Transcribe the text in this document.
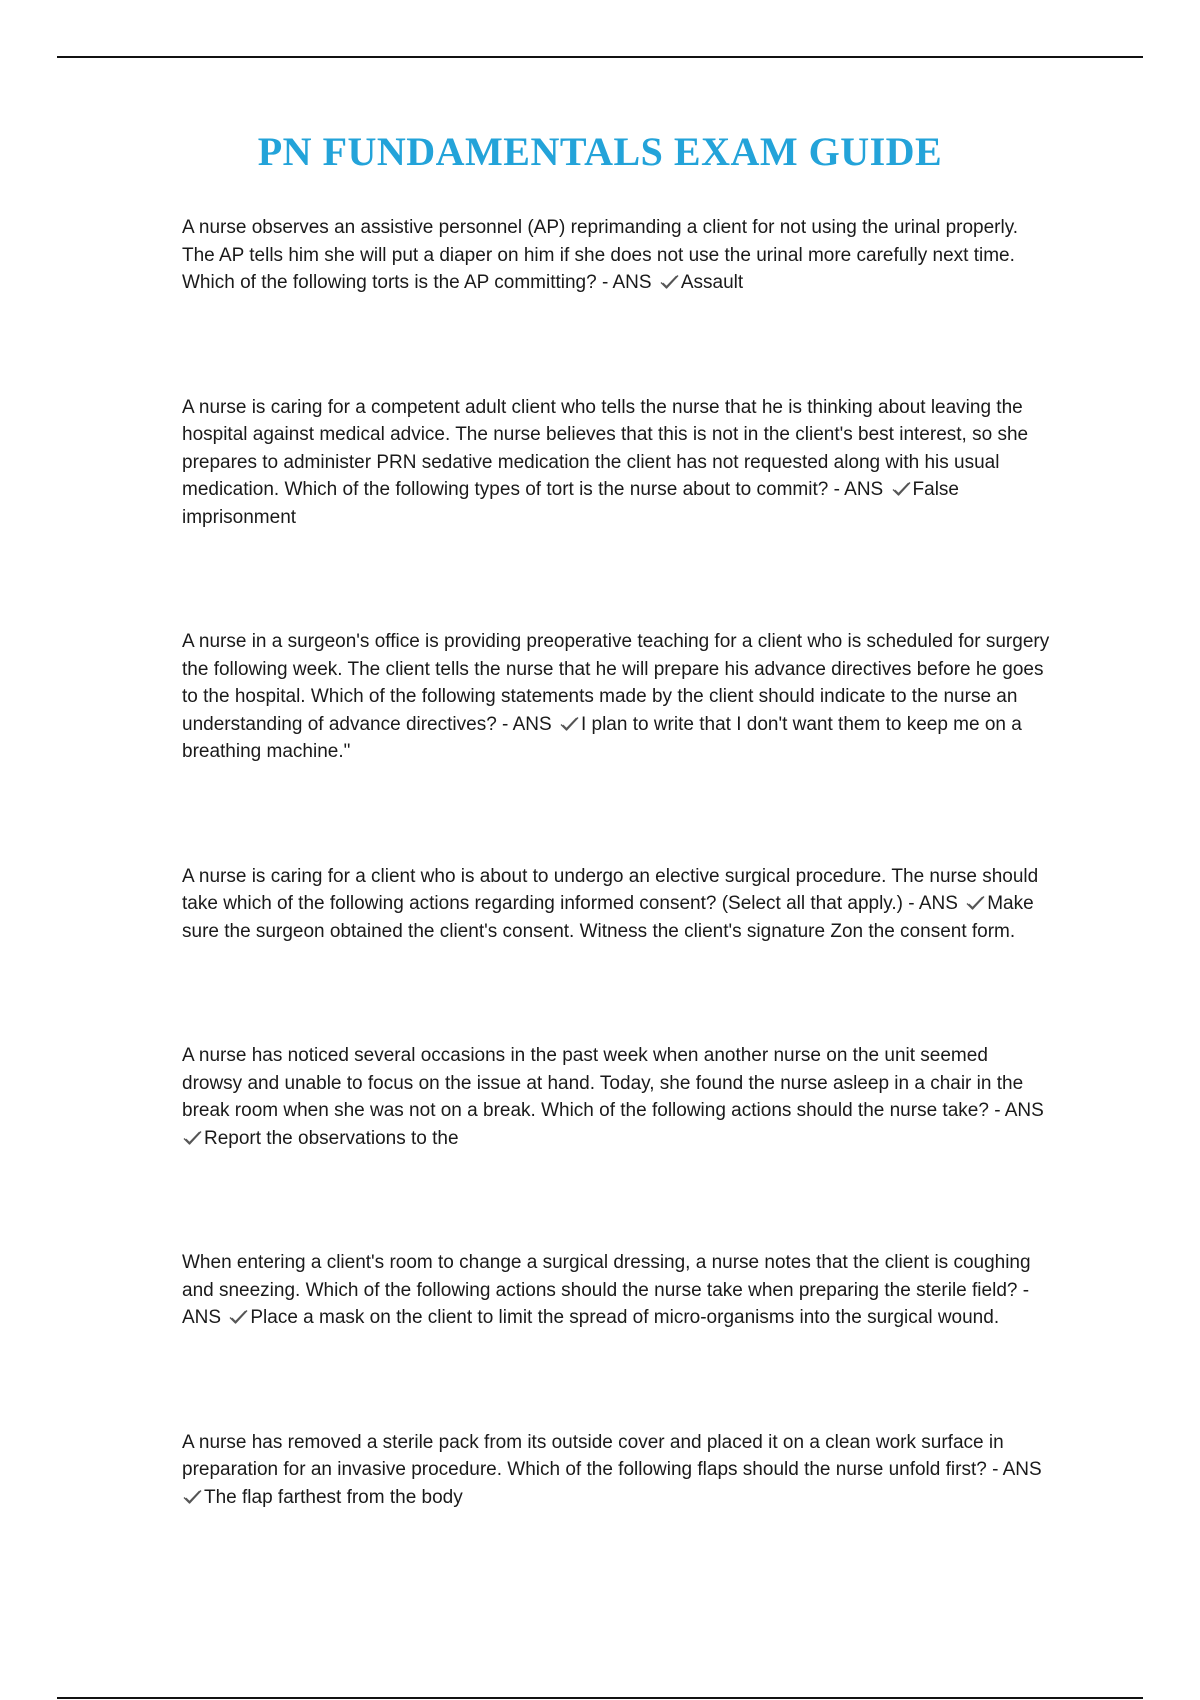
PN FUNDAMENTALS EXAM GUIDE

A nurse observes an assistive personnel (AP) reprimanding a client for not using the urinal properly. The AP tells him she will put a diaper on him if she does not use the urinal more carefully next time. Which of the following torts is the AP committing? - ANS Assault

A nurse is caring for a competent adult client who tells the nurse that he is thinking about leaving the hospital against medical advice. The nurse believes that this is not in the client's best interest, so she prepares to administer PRN sedative medication the client has not requested along with his usual medication. Which of the following types of tort is the nurse about to commit? - ANS False imprisonment

A nurse in a surgeon's office is providing preoperative teaching for a client who is scheduled for surgery the following week. The client tells the nurse that he will prepare his advance directives before he goes to the hospital. Which of the following statements made by the client should indicate to the nurse an understanding of advance directives? - ANS I plan to write that I don't want them to keep me on a breathing machine."

A nurse is caring for a client who is about to undergo an elective surgical procedure. The nurse should take which of the following actions regarding informed consent? (Select all that apply.) - ANS Make sure the surgeon obtained the client's consent. Witness the client's signature Zon the consent form.

A nurse has noticed several occasions in the past week when another nurse on the unit seemed drowsy and unable to focus on the issue at hand. Today, she found the nurse asleep in a chair in the break room when she was not on a break. Which of the following actions should the nurse take? - ANS
Report the observations to the

When entering a client's room to change a surgical dressing, a nurse notes that the client is coughing and sneezing. Which of the following actions should the nurse take when preparing the sterile field? - ANS Place a mask on the client to limit the spread of micro-organisms into the surgical wound.

A nurse has removed a sterile pack from its outside cover and placed it on a clean work surface in preparation for an invasive procedure. Which of the following flaps should the nurse unfold first? - ANS
The flap farthest from the body
